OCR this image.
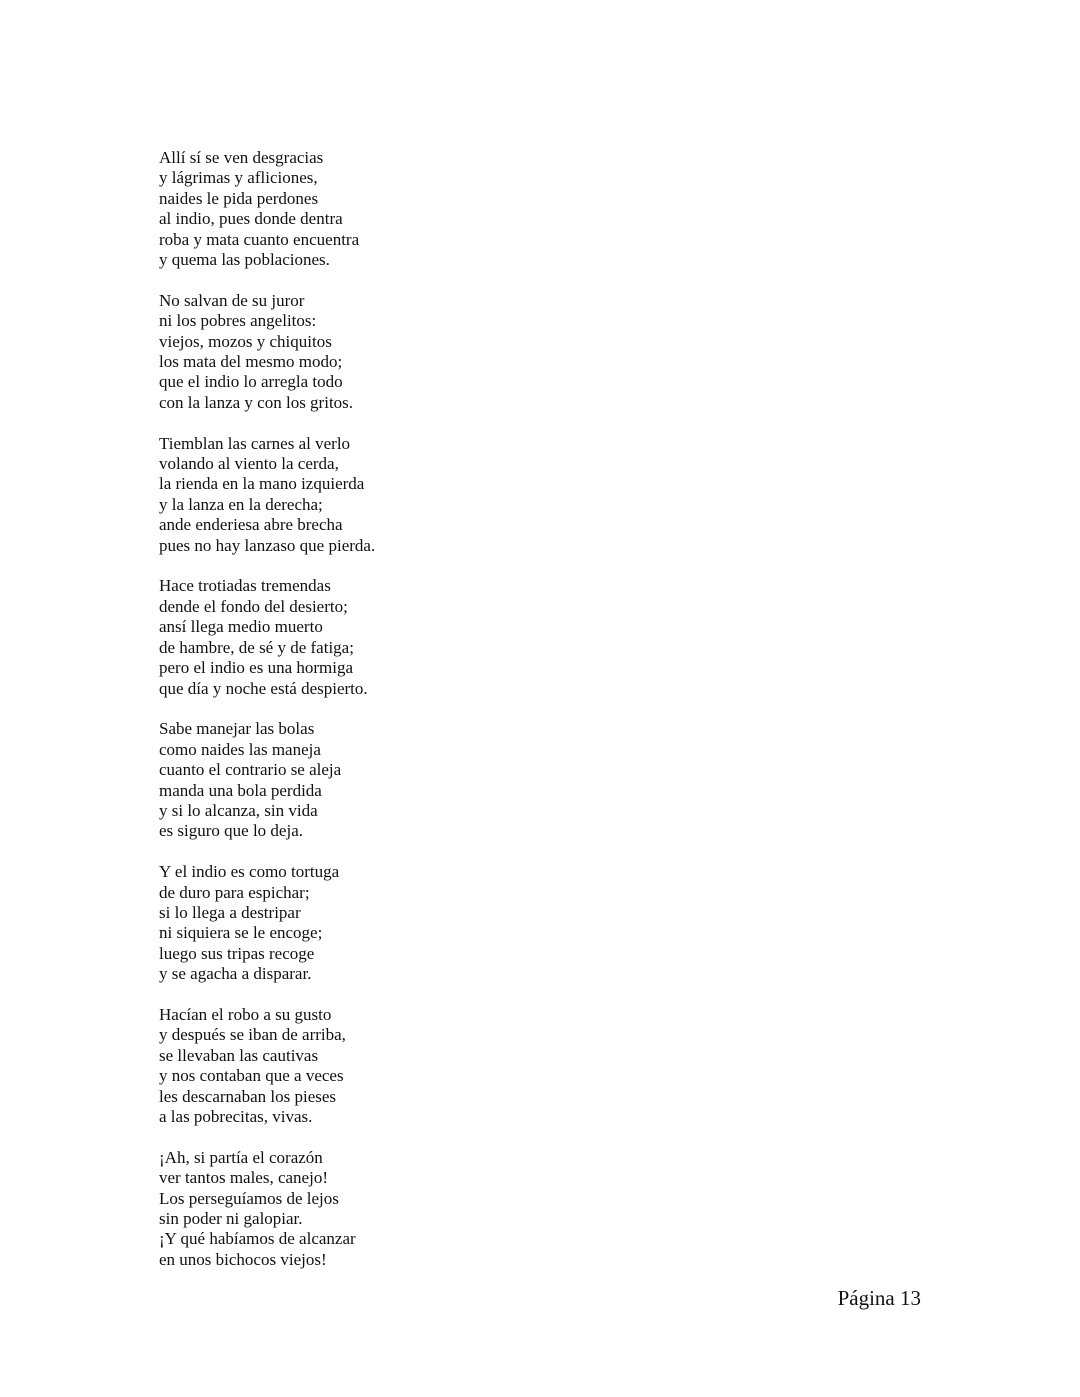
Allí sí se ven desgracias
y lágrimas y afliciones,
naides le pida perdones
al indio, pues donde dentra
roba y mata cuanto encuentra
y quema las poblaciones.
No salvan de su juror
ni los pobres angelitos:
viejos, mozos y chiquitos
los mata del mesmo modo;
que el indio lo arregla todo
con la lanza y con los gritos.
Tiemblan las carnes al verlo
volando al viento la cerda,
la rienda en la mano izquierda
y la lanza en la derecha;
ande enderiesa abre brecha
pues no hay lanzaso que pierda.
Hace trotiadas tremendas
dende el fondo del desierto;
ansí llega medio muerto
de hambre, de sé y de fatiga;
pero el indio es una hormiga
que día y noche está despierto.
Sabe manejar las bolas
como naides las maneja
cuanto el contrario se aleja
manda una bola perdida
y si lo alcanza, sin vida
es siguro que lo deja.
Y el indio es como tortuga
de duro para espichar;
si lo llega a destripar
ni siquiera se le encoge;
luego sus tripas recoge
y se agacha a disparar.
Hacían el robo a su gusto
y después se iban de arriba,
se llevaban las cautivas
y nos contaban que a veces
les descarnaban los pieses
a las pobrecitas, vivas.
¡Ah, si partía el corazón
ver tantos males, canejo!
Los perseguíamos de lejos
sin poder ni galopiar.
¡Y qué habíamos de alcanzar
en unos bichocos viejos!
Página 13
